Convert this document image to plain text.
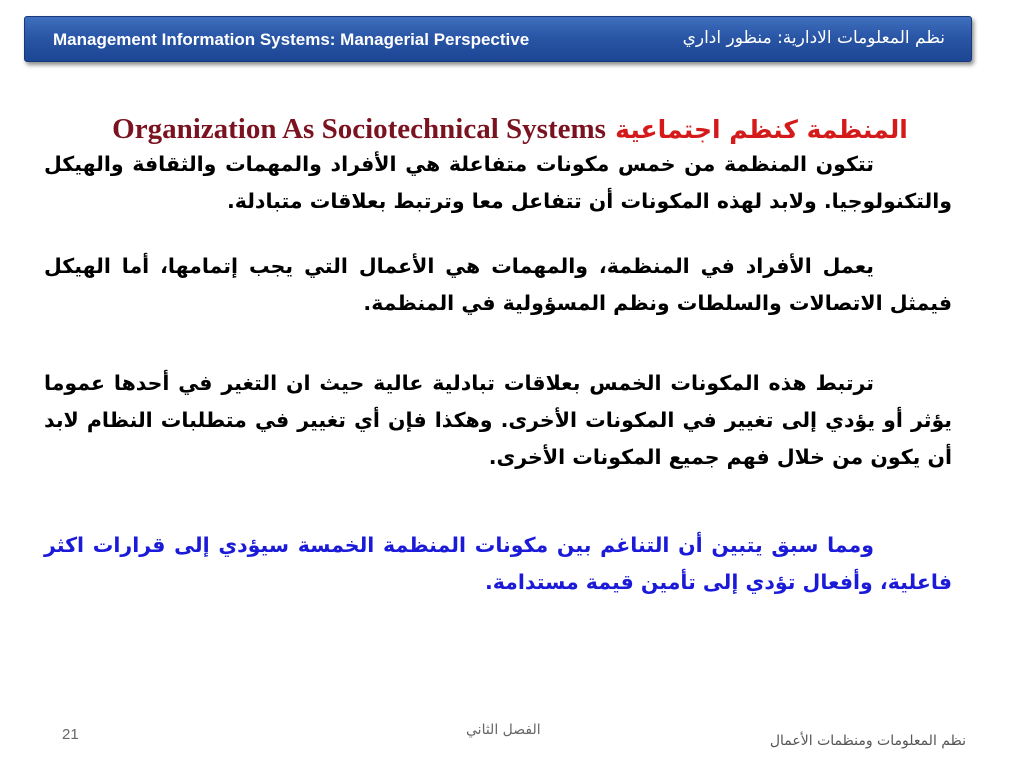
Management Information Systems: Managerial Perspective	نظم المعلومات الادارية: منظور اداري
Organization As Sociotechnical Systems المنظمة كنظم اجتماعية

تتكون المنظمة من خمس مكونات متفاعلة هي الأفراد والمهمات والثقافة والهيكل والتكنولوجيا. ولابد لهذه المكونات أن تتفاعل معا وترتبط بعلاقات متبادلة.

يعمل الأفراد في المنظمة، والمهمات هي الأعمال التي يجب إتمامها، أما الهيكل فيمثل الاتصالات والسلطات ونظم المسؤولية في المنظمة.

ترتبط هذه المكونات الخمس بعلاقات تبادلية عالية حيث ان التغير في أحدها عموما يؤثر أو يؤدي إلى تغيير في المكونات الأخرى. وهكذا فإن أي تغيير في متطلبات النظام لابد أن يكون من خلال فهم جميع المكونات الأخرى.

ومما سبق يتبين أن التناغم بين مكونات المنظمة الخمسة سيؤدي إلى قرارات اكثر فاعلية، وأفعال تؤدي إلى تأمين قيمة مستدامة.

21	الفصل الثاني
نظم المعلومات ومنظمات الأعمال
